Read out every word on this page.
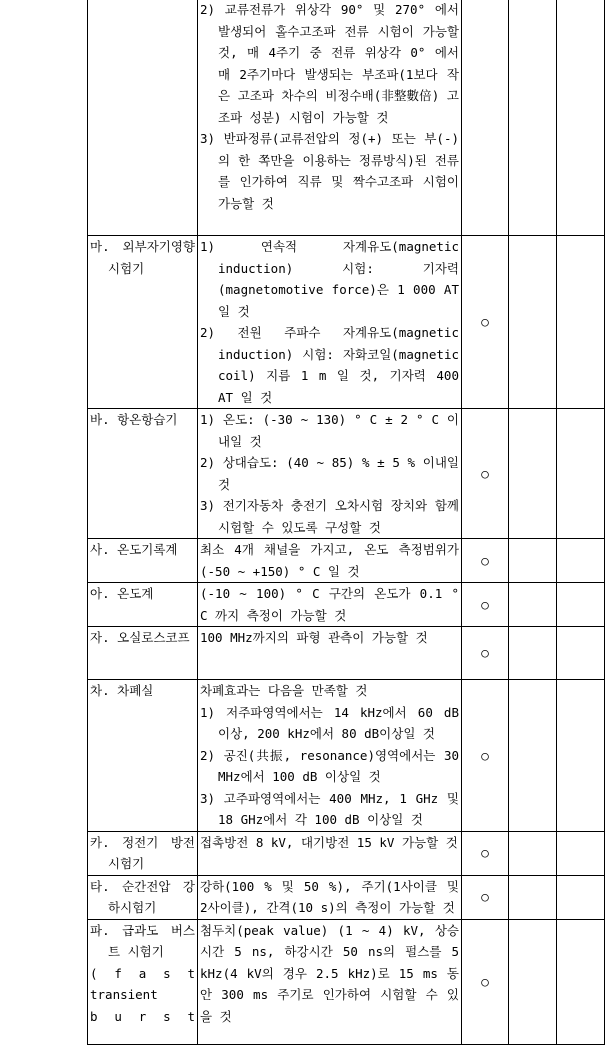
	2) 교류전류가 위상각 90° 및 270° 에서 발생되어 홀수고조파 전류 시험이 가능할 것, 매 4주기 중 전류 위상각 0° 에서 매 2주기마다 발생되는 부조파(1보다 작은 고조파 차수의 비정수배(非整數倍) 고조파 성분) 시험이 가능할 것
3) 반파정류(교류전압의 정(+) 또는 부(-)의 한 쪽만을 이용하는 정류방식)된 전류를 인가하여 직류 및 짝수고조파 시험이 가능할 것			

마. 외부자기영향시험기	1) 연속적 자계유도(magnetic induction) 시험: 기자력(magnetomotive force)은 1 000 AT 일 것
2) 전원 주파수 자계유도(magnetic induction) 시험: 자화코일(magnetic coil) 지름 1 m 일 것, 기자력 400 AT 일 것	○		

바. 항온항습기	1) 온도: (-30 ~ 130) ° C ± 2 ° C 이내일 것
2) 상대습도: (40 ~ 85) % ± 5 % 이내일 것
3) 전기자동차 충전기 오차시험 장치와 함께 시험할 수 있도록 구성할 것	○		

사. 온도기록계	최소 4개 채널을 가지고, 온도 측정범위가 (-50 ~ +150) ° C 일 것	○		

아. 온도계	(-10 ~ 100) ° C 구간의 온도가 0.1 ° C 까지 측정이 가능할 것	○		

자. 오실로스코프	100 MHz까지의 파형 관측이 가능할 것	○		

차. 차폐실	차폐효과는 다음을 만족할 것
1) 저주파영역에서는 14 kHz에서 60 dB 이상, 200 kHz에서 80 dB이상일 것
2) 공진(共振, resonance)영역에서는 30 MHz에서 100 dB 이상일 것
3) 고주파영역에서는 400 MHz, 1 GHz 및 18 GHz에서 각 100 dB 이상일 것	○		

카. 정전기 방전시험기	접촉방전 8 kV, 대기방전 15 kV 가능할 것	○		

타. 순간전압 강하시험기	강하(100 % 및 50 %), 주기(1사이클 및 2사이클), 간격(10 s)의 측정이 가능할 것	○		

파. 급과도 버스트 시험기
( f a s t
transient
b u r s t	첨두치(peak value) (1 ~ 4) kV, 상승시간 5 ns, 하강시간 50 ns의 펄스를 5 kHz(4 kV의 경우 2.5 kHz)로 15 ms 동안 300 ms 주기로 인가하여 시험할 수 있을 것	○		
